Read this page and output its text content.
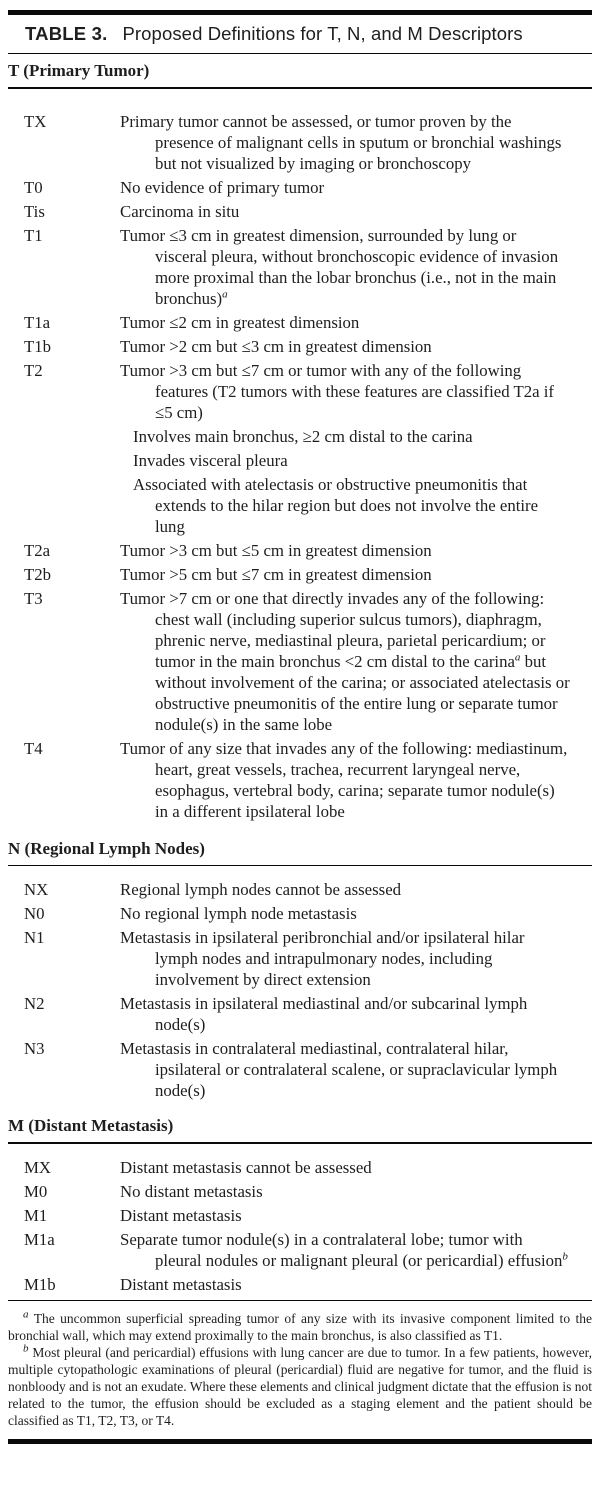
TABLE 3. Proposed Definitions for T, N, and M Descriptors
T (Primary Tumor)
TX	Primary tumor cannot be assessed, or tumor proven by the presence of malignant cells in sputum or bronchial washings but not visualized by imaging or bronchoscopy
T0	No evidence of primary tumor
Tis	Carcinoma in situ
T1	Tumor ≤3 cm in greatest dimension, surrounded by lung or visceral pleura, without bronchoscopic evidence of invasion more proximal than the lobar bronchus (i.e., not in the main bronchus)$^a$
T1a	Tumor ≤2 cm in greatest dimension
T1b	Tumor >2 cm but ≤3 cm in greatest dimension
T2	Tumor >3 cm but ≤7 cm or tumor with any of the following features (T2 tumors with these features are classified T2a if ≤5 cm)
Involves main bronchus, ≥2 cm distal to the carina
Invades visceral pleura
Associated with atelectasis or obstructive pneumonitis that extends to the hilar region but does not involve the entire lung
T2a	Tumor >3 cm but ≤5 cm in greatest dimension
T2b	Tumor >5 cm but ≤7 cm in greatest dimension
T3	Tumor >7 cm or one that directly invades any of the following: chest wall (including superior sulcus tumors), diaphragm, phrenic nerve, mediastinal pleura, parietal pericardium; or tumor in the main bronchus <2 cm distal to the carina$^a$ but without involvement of the carina; or associated atelectasis or obstructive pneumonitis of the entire lung or separate tumor nodule(s) in the same lobe
T4	Tumor of any size that invades any of the following: mediastinum, heart, great vessels, trachea, recurrent laryngeal nerve, esophagus, vertebral body, carina; separate tumor nodule(s) in a different ipsilateral lobe
N (Regional Lymph Nodes)
NX	Regional lymph nodes cannot be assessed
N0	No regional lymph node metastasis
N1	Metastasis in ipsilateral peribronchial and/or ipsilateral hilar lymph nodes and intrapulmonary nodes, including involvement by direct extension
N2	Metastasis in ipsilateral mediastinal and/or subcarinal lymph node(s)
N3	Metastasis in contralateral mediastinal, contralateral hilar, ipsilateral or contralateral scalene, or supraclavicular lymph node(s)
M (Distant Metastasis)
MX	Distant metastasis cannot be assessed
M0	No distant metastasis
M1	Distant metastasis
M1a	Separate tumor nodule(s) in a contralateral lobe; tumor with pleural nodules or malignant pleural (or pericardial) effusion$^b$
M1b	Distant metastasis

$^a$ The uncommon superficial spreading tumor of any size with its invasive component limited to the bronchial wall, which may extend proximally to the main bronchus, is also classified as T1.

$^b$ Most pleural (and pericardial) effusions with lung cancer are due to tumor. In a few patients, however, multiple cytopathologic examinations of pleural (pericardial) fluid are negative for tumor, and the fluid is nonbloody and is not an exudate. Where these elements and clinical judgment dictate that the effusion is not related to the tumor, the effusion should be excluded as a staging element and the patient should be classified as T1, T2, T3, or T4.
